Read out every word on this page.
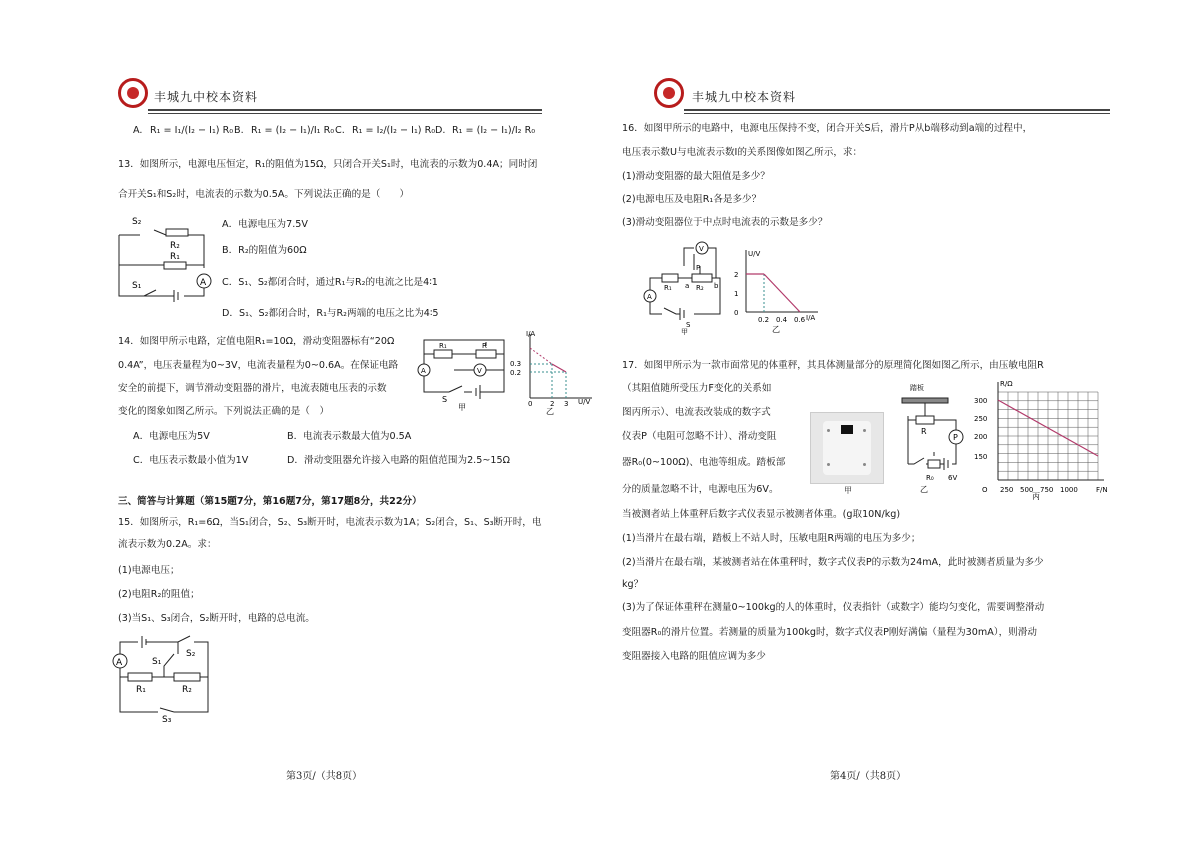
丰城九中校本资料
A. R₁ = I₁/(I₂ − I₁) R₀ B. R₁ = (I₂ − I₁)/I₁ R₀ C. R₁ = I₂/(I₂ − I₁) R₀ D. R₁ = (I₂ − I₁)/I₂ R₀
13．如图所示，电源电压恒定，R₁的阻值为15Ω，只闭合开关S₁时，电流表的示数为0.4A；同时闭
合开关S₁和S₂时，电流表的示数为0.5A。下列说法正确的是（　　）
S₂
R₂
R₁
S₁	A
A．电源电压为7.5V
B．R₂的阻值为60Ω
C．S₁、S₂都闭合时，通过R₁与R₂的电流之比是4∶1
D．S₁、S₂都闭合时，R₁与R₂两端的电压之比为4∶5
14．如图甲所示电路，定值电阻R₁=10Ω，滑动变阻器标有“20Ω
0.4A”，电压表量程为0~3V，电流表量程为0~0.6A。在保证电路
安全的前提下，调节滑动变阻器的滑片，电流表随电压表的示数
变化的图象如图乙所示。下列说法正确的是（　）
R₁	R
A	V
S
甲
I/A
U/V
0.3
0.2
0	2 3
乙
A．电源电压为5V	B．电流表示数最大值为0.5A
C．电压表示数最小值为1V	D．滑动变阻器允许接入电路的阻值范围为2.5~15Ω
三、简答与计算题（第15题7分，第16题7分，第17题8分，共22分）
15．如图所示，R₁=6Ω，当S₁闭合，S₂、S₃断开时，电流表示数为1A；S₂闭合，S₁、S₃断开时，电
流表示数为0.2A。求：
(1)电源电压；
(2)电阻R₂的阻值；
(3)当S₁、S₃闭合，S₂断开时，电路的总电流。
A	S₁
S₂
R₁	R₂
S₃
第3页/（共8页）
丰城九中校本资料
16．如图甲所示的电路中，电源电压保持不变，闭合开关S后，滑片P从b端移动到a端的过程中，
电压表示数U与电流表示数I的关系图像如图乙所示，求：
(1)滑动变阻器的最大阻值是多少？
(2)电源电压及电阻R₁各是多少？
(3)滑动变阻器位于中点时电流表的示数是多少？
V
P
R₁ a R₂ b
A
S
甲
U/V
I/A
2
1
0
0.2 0.4 0.6
乙
17．如图甲所示为一款市面常见的体重秤，其具体测量部分的原理简化图如图乙所示，由压敏电阻R
（其阻值随所受压力F变化的关系如
图丙所示）、电流表改装成的数字式
仪表P（电阻可忽略不计）、滑动变阻
器R₀(0~100Ω)、电池等组成。踏板部
分的质量忽略不计，电源电压为6V。	甲
踏板
R
P
R₀ 6V
乙
R/Ω
F/N
300
250
200
150
O 250 500 750 1000
丙
当被测者站上体重秤后数字式仪表显示被测者体重。(g取10N/kg)
(1)当滑片在最右端，踏板上不站人时，压敏电阻R两端的电压为多少；
(2)当滑片在最右端，某被测者站在体重秤时，数字式仪表P的示数为24mA，此时被测者质量为多少
kg？
(3)为了保证体重秤在测量0~100kg的人的体重时，仪表指针（或数字）能均匀变化，需要调整滑动
变阻器R₀的滑片位置。若测量的质量为100kg时，数字式仪表P刚好满偏（量程为30mA），则滑动
变阻器接入电路的阻值应调为多少
第4页/（共8页）
